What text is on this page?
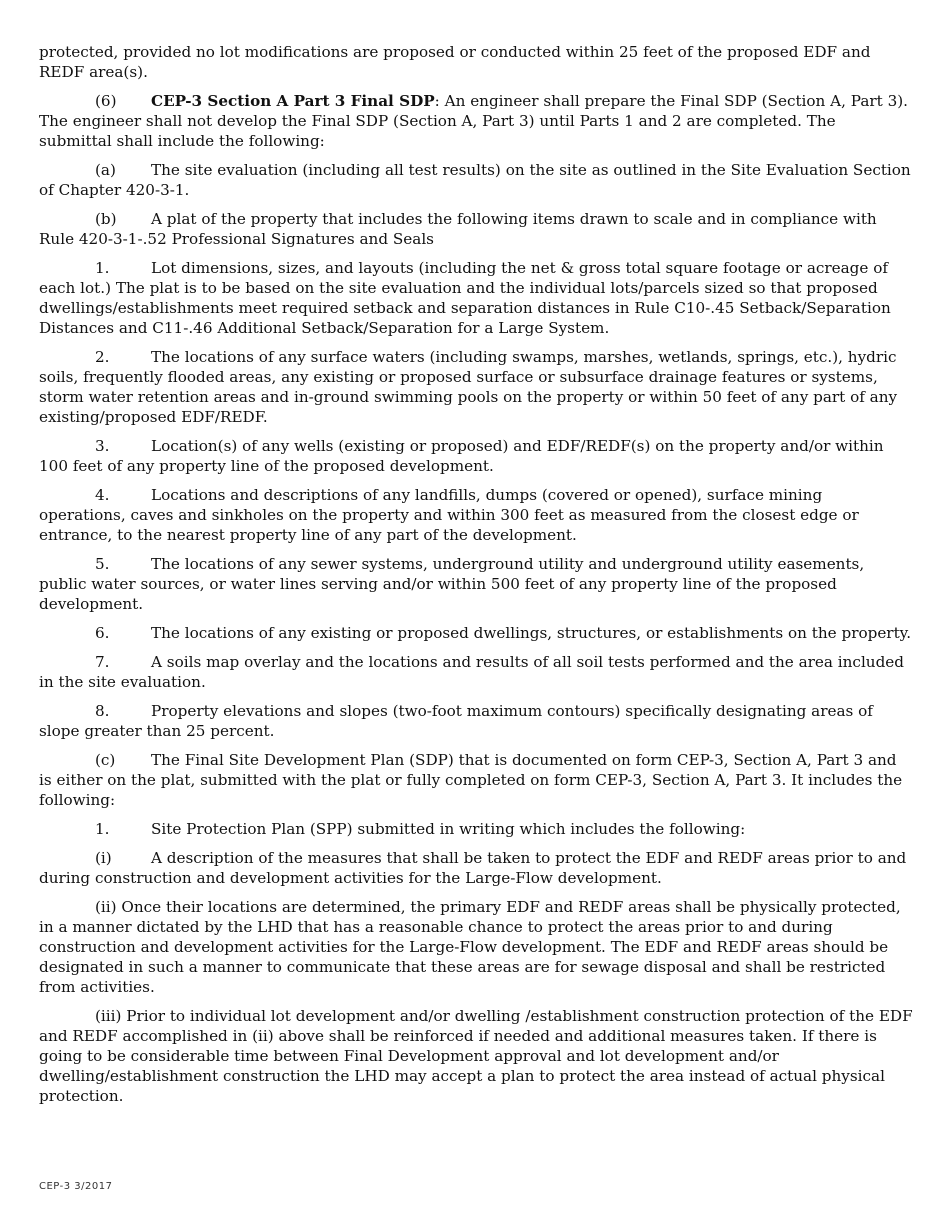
protected, provided no lot modifications are proposed or conducted within 25 feet of the proposed EDF and REDF area(s).

(6) CEP-3 Section A Part 3 Final SDP: An engineer shall prepare the Final SDP (Section A, Part 3). The engineer shall not develop the Final SDP (Section A, Part 3) until Parts 1 and 2 are completed. The submittal shall include the following:

(a) The site evaluation (including all test results) on the site as outlined in the Site Evaluation Section of Chapter 420-3-1.

(b) A plat of the property that includes the following items drawn to scale and in compliance with Rule 420-3-1-.52 Professional Signatures and Seals

1.	Lot dimensions, sizes, and layouts (including the net & gross total square footage or acreage of each lot.) The plat is to be based on the site evaluation and the individual lots/parcels sized so that proposed dwellings/establishments meet required setback and separation distances in Rule C10-.45 Setback/Separation Distances and C11-.46 Additional Setback/Separation for a Large System.

2.	The locations of any surface waters (including swamps, marshes, wetlands, springs, etc.), hydric soils, frequently flooded areas, any existing or proposed surface or subsurface drainage features or systems, storm water retention areas and in-ground swimming pools on the property or within 50 feet of any part of any existing/proposed EDF/REDF.

3.	Location(s) of any wells (existing or proposed) and EDF/REDF(s) on the property and/or within 100 feet of any property line of the proposed development.

4.	Locations and descriptions of any landfills, dumps (covered or opened), surface mining operations, caves and sinkholes on the property and within 300 feet as measured from the closest edge or entrance, to the nearest property line of any part of the development.

5.	The locations of any sewer systems, underground utility and underground utility easements, public water sources, or water lines serving and/or within 500 feet of any property line of the proposed development.

6.	The locations of any existing or proposed dwellings, structures, or establishments on the property.

7.	A soils map overlay and the locations and results of all soil tests performed and the area included in the site evaluation.

8.	Property elevations and slopes (two-foot maximum contours) specifically designating areas of slope greater than 25 percent.

(c) The Final Site Development Plan (SDP) that is documented on form CEP-3, Section A, Part 3 and is either on the plat, submitted with the plat or fully completed on form CEP-3, Section A, Part 3. It includes the following:

1.	Site Protection Plan (SPP) submitted in writing which includes the following:

(i)	A description of the measures that shall be taken to protect the EDF and REDF areas prior to and during construction and development activities for the Large-Flow development.

(ii) Once their locations are determined, the primary EDF and REDF areas shall be physically protected, in a manner dictated by the LHD that has a reasonable chance to protect the areas prior to and during construction and development activities for the Large-Flow development. The EDF and REDF areas should be designated in such a manner to communicate that these areas are for sewage disposal and shall be restricted from activities.

(iii) Prior to individual lot development and/or dwelling /establishment construction protection of the EDF and REDF accomplished in (ii) above shall be reinforced if needed and additional measures taken. If there is going to be considerable time between Final Development approval and lot development and/or dwelling/establishment construction the LHD may accept a plan to protect the area instead of actual physical protection.

CEP-3 3/2017
